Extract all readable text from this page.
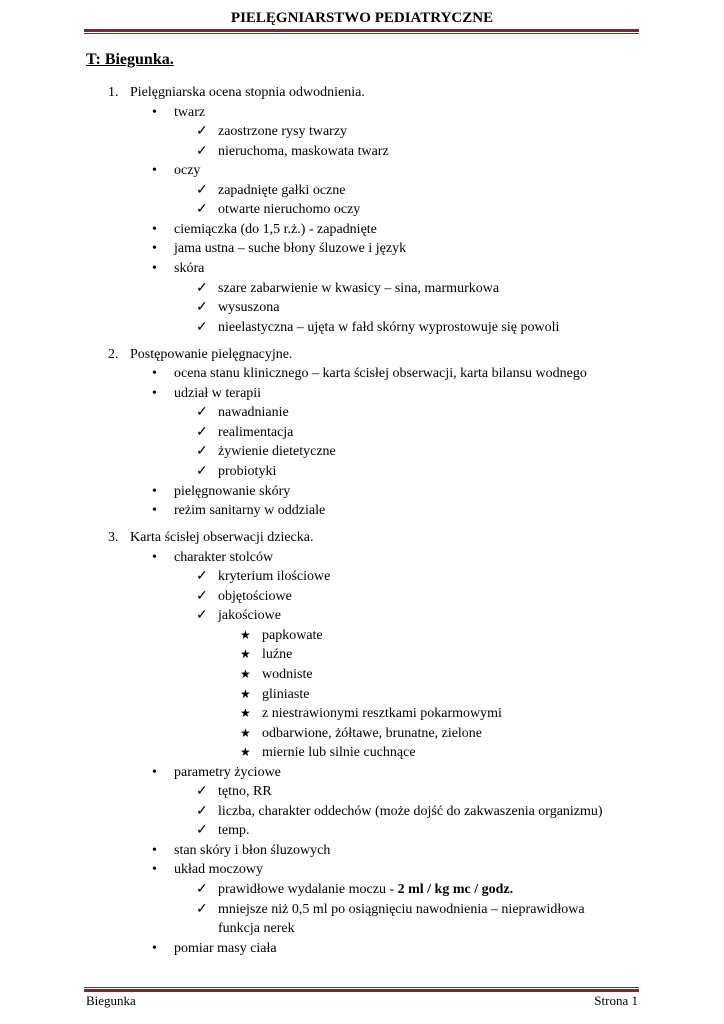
PIELĘGNIARSTWO PEDIATRYCZNE
T: Biegunka.
1. Pielęgniarska ocena stopnia odwodnienia.
• twarz
✓ zaostrzone rysy twarzy
✓ nieruchoma, maskowata twarz
• oczy
✓ zapadnięte gałki oczne
✓ otwarte nieruchomo oczy
• ciemiączka (do 1,5 r.ż.) - zapadnięte
• jama ustna – suche błony śluzowe i język
• skóra
✓ szare zabarwienie w kwasicy – sina, marmurkowa
✓ wysuszona
✓ nieelastyczna – ujęta w fałd skórny wyprostowuje się powoli
2. Postępowanie pielęgnacyjne.
• ocena stanu klinicznego – karta ścisłej obserwacji, karta bilansu wodnego
• udział w terapii
✓ nawadnianie
✓ realimentacja
✓ żywienie dietetyczne
✓ probiotyki
• pielęgnowanie skóry
• reżim sanitarny w oddziale
3. Karta ścisłej obserwacji dziecka.
• charakter stolców
✓ kryterium ilościowe
✓ objętościowe
✓ jakościowe
★ papkowate
★ luźne
★ wodniste
★ gliniaste
★ z niestrawionymi resztkami pokarmowymi
★ odbarwione, żółtawe, brunatne, zielone
★ miernie lub silnie cuchnące
• parametry życiowe
✓ tętno, RR
✓ liczba, charakter oddechów (może dojść do zakwaszenia organizmu)
✓ temp.
• stan skóry i błon śluzowych
• układ moczowy
✓ prawidłowe wydalanie moczu - 2 ml / kg mc / godz.
✓ mniejsze niż 0,5 ml po osiągnięciu nawodnienia – nieprawidłowa
funkcja nerek
• pomiar masy ciała
Biegunka	Strona 1
